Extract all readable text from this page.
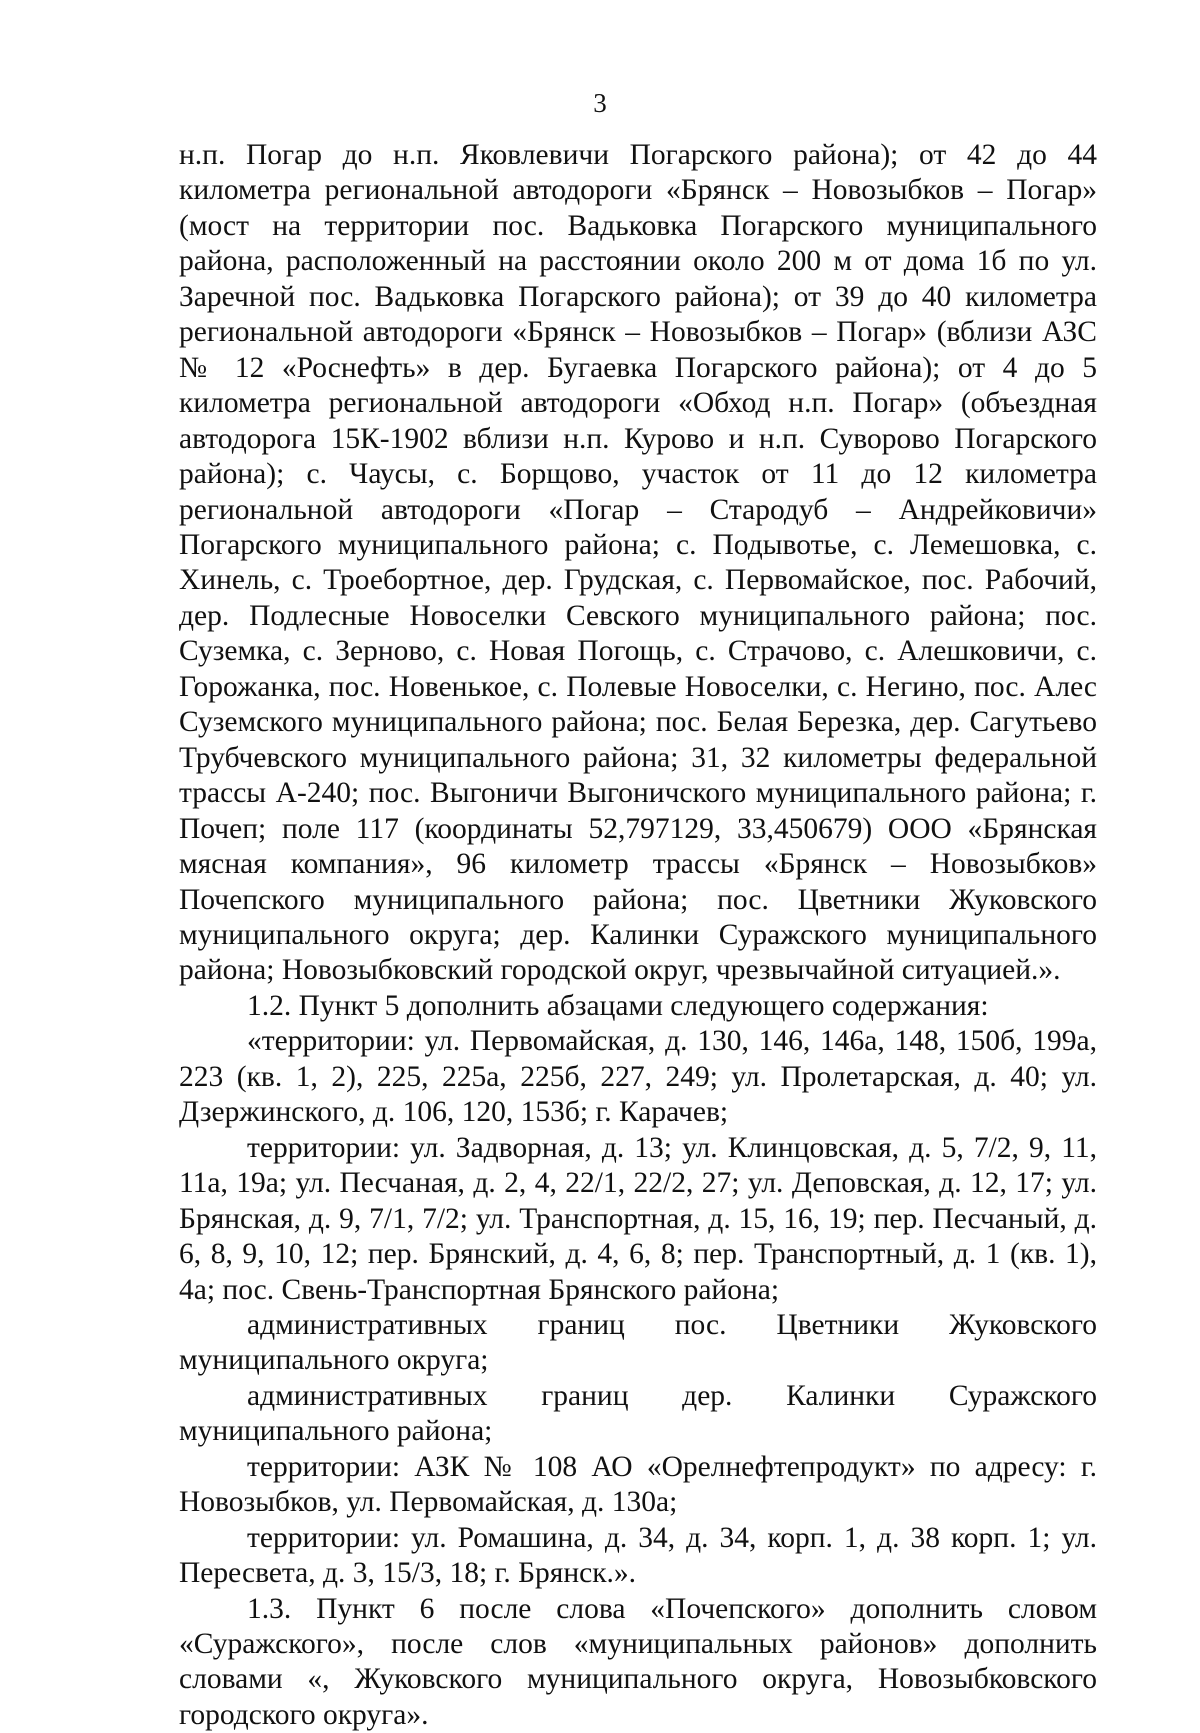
3

н.п. Погар до н.п. Яковлевичи Погарского района); от 42 до 44 километра региональной автодороги «Брянск – Новозыбков – Погар» (мост на территории пос. Вадьковка Погарского муниципального района, расположенный на расстоянии около 200 м от дома 1б по ул. Заречной пос. Вадьковка Погарского района); от 39 до 40 километра региональной автодороги «Брянск – Новозыбков – Погар» (вблизи АЗС № 12 «Роснефть» в дер. Бугаевка Погарского района); от 4 до 5 километра региональной автодороги «Обход н.п. Погар» (объездная автодорога 15К-1902 вблизи н.п. Курово и н.п. Суворово Погарского района); с. Чаусы, с. Борщово, участок от 11 до 12 километра региональной автодороги «Погар – Стародуб – Андрейковичи» Погарского муниципального района; с. Подывотье, с. Лемешовка, с. Хинель, с. Троебортное, дер. Грудская, с. Первомайское, пос. Рабочий, дер. Подлесные Новоселки Севского муниципального района; пос. Суземка, с. Зерново, с. Новая Погощь, с. Страчово, с. Алешковичи, с. Горожанка, пос. Новенькое, с. Полевые Новоселки, с. Негино, пос. Алес Суземского муниципального района; пос. Белая Березка, дер. Сагутьево Трубчевского муниципального района; 31, 32 километры федеральной трассы А-240; пос. Выгоничи Выгоничского муниципального района; г. Почеп; поле 117 (координаты 52,797129, 33,450679) ООО «Брянская мясная компания», 96 километр трассы «Брянск – Новозыбков» Почепского муниципального района; пос. Цветники Жуковского муниципального округа; дер. Калинки Суражского муниципального района; Новозыбковский городской округ, чрезвычайной ситуацией.».

1.2. Пункт 5 дополнить абзацами следующего содержания:

«территории: ул. Первомайская, д. 130, 146, 146а, 148, 150б, 199а, 223 (кв. 1, 2), 225, 225а, 225б, 227, 249; ул. Пролетарская, д. 40; ул. Дзержинского, д. 106, 120, 153б; г. Карачев;

территории: ул. Задворная, д. 13; ул. Клинцовская, д. 5, 7/2, 9, 11, 11а, 19а; ул. Песчаная, д. 2, 4, 22/1, 22/2, 27; ул. Деповская, д. 12, 17; ул. Брянская, д. 9, 7/1, 7/2; ул. Транспортная, д. 15, 16, 19; пер. Песчаный, д. 6, 8, 9, 10, 12; пер. Брянский, д. 4, 6, 8; пер. Транспортный, д. 1 (кв. 1), 4а; пос. Свень-Транспортная Брянского района;

административных границ пос. Цветники Жуковского муниципального округа;

административных границ дер. Калинки Суражского муниципального района;

территории: АЗК № 108 АО «Орелнефтепродукт» по адресу: г. Новозыбков, ул. Первомайская, д. 130а;

территории: ул. Ромашина, д. 34, д. 34, корп. 1, д. 38 корп. 1; ул. Пересвета, д. 3, 15/3, 18; г. Брянск.».

1.3. Пункт 6 после слова «Почепского» дополнить словом «Суражского», после слов «муниципальных районов» дополнить словами «, Жуковского муниципального округа, Новозыбковского городского округа».
